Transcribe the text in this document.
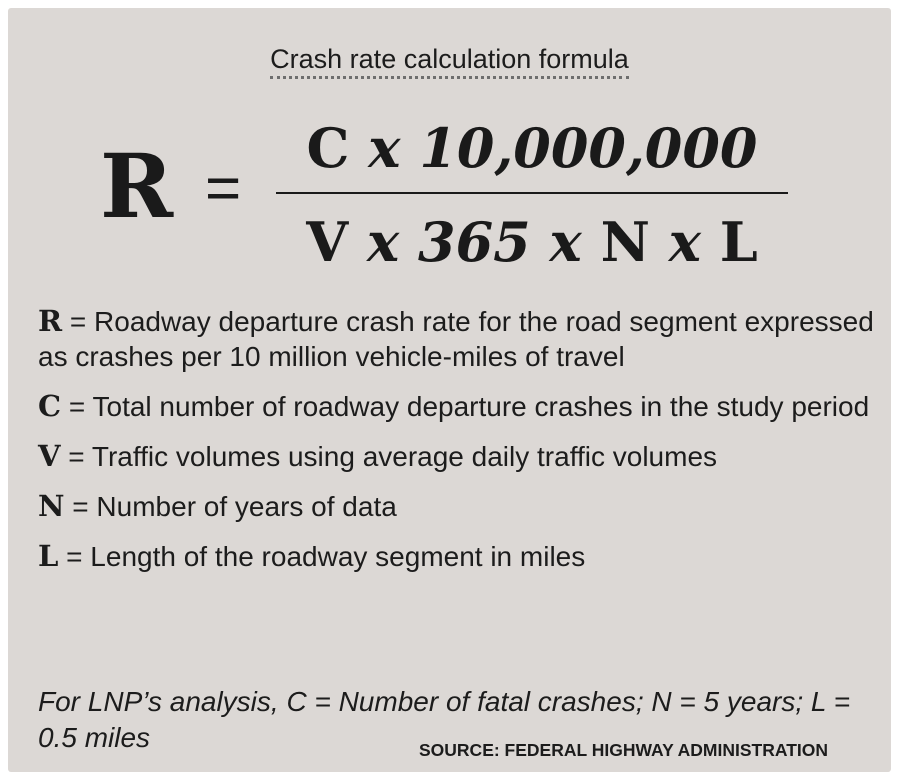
Crash rate calculation formula
R =
C x 10,000,000
V x 365 x N x L
R = Roadway departure crash rate for the road segment expressed as crashes per 10 million vehicle-miles of travel
C = Total number of roadway departure crashes in the study period
V = Traffic volumes using average daily traffic volumes
N = Number of years of data
L = Length of the roadway segment in miles
For LNP’s analysis, C = Number of fatal crashes; N = 5 years; L = 0.5 miles	SOURCE: FEDERAL HIGHWAY ADMINISTRATION
